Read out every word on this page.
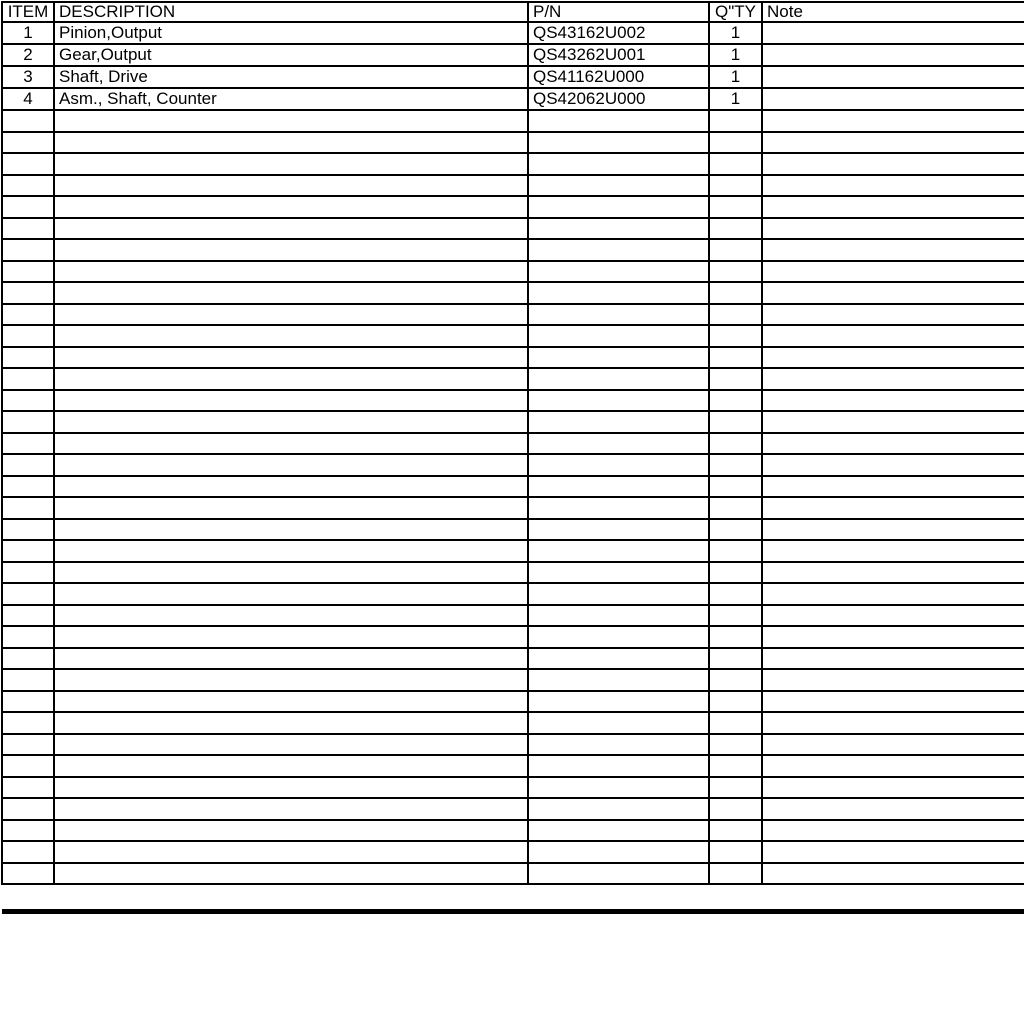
ITEM	DESCRIPTION	P/N	Q"TY	Note
1	Pinion,Output	QS43162U002	1	
2	Gear,Output	QS43262U001	1	
3	Shaft, Drive	QS41162U000	1	
4	Asm., Shaft, Counter	QS42062U000	1	
